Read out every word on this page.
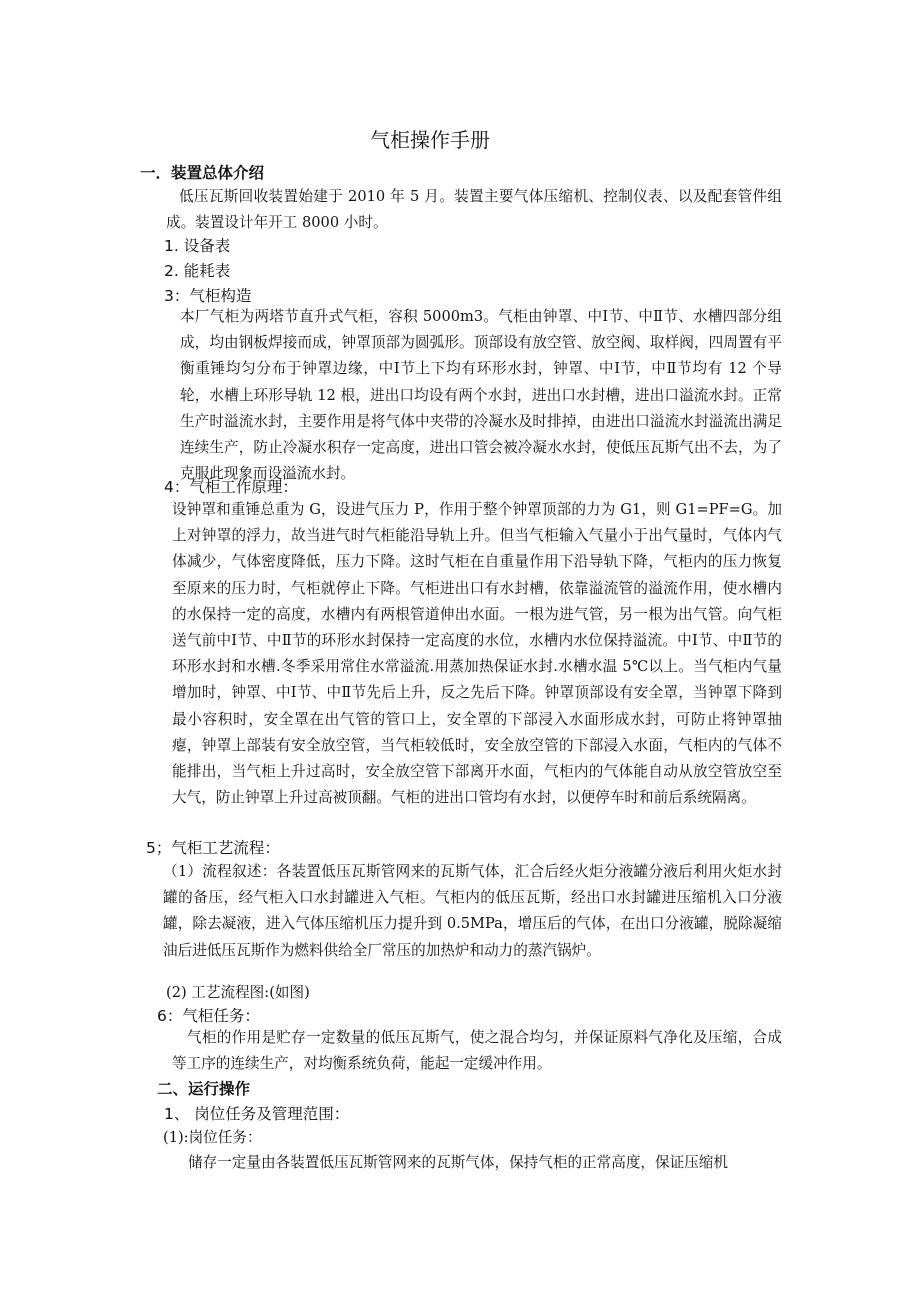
气柜操作手册
一．装置总体介绍
低压瓦斯回收装置始建于 2010 年 5 月。装置主要气体压缩机、控制仪表、以及配套管件组成。装置设计年开工 8000 小时。
1. 设备表
2. 能耗表
3：气柜构造
本厂气柜为两塔节直升式气柜，容积 5000m3。气柜由钟罩、中Ⅰ节、中Ⅱ节、水槽四部分组成，均由钢板焊接而成，钟罩顶部为圆弧形。顶部设有放空管、放空阀、取样阀，四周置有平衡重锤均匀分布于钟罩边缘，中Ⅰ节上下均有环形水封，钟罩、中Ⅰ节，中Ⅱ节均有 12 个导轮，水槽上环形导轨 12 根，进出口均设有两个水封，进出口水封槽，进出口溢流水封。正常生产时溢流水封，主要作用是将气体中夹带的冷凝水及时排掉，由进出口溢流水封溢流出满足连续生产，防止冷凝水积存一定高度，进出口管会被冷凝水水封，使低压瓦斯气出不去，为了克服此现象而设溢流水封。
4：气柜工作原理：
设钟罩和重锤总重为 G，设进气压力 P，作用于整个钟罩顶部的力为 G1，则 G1=PF=G。加上对钟罩的浮力，故当进气时气柜能沿导轨上升。但当气柜输入气量小于出气量时，气体内气体减少，气体密度降低，压力下降。这时气柜在自重量作用下沿导轨下降，气柜内的压力恢复至原来的压力时，气柜就停止下降。气柜进出口有水封槽，依靠溢流管的溢流作用，使水槽内的水保持一定的高度，水槽内有两根管道伸出水面。一根为进气管，另一根为出气管。向气柜送气前中Ⅰ节、中Ⅱ节的环形水封保持一定高度的水位，水槽内水位保持溢流。中Ⅰ节、中Ⅱ节的环形水封和水槽.冬季采用常住水常溢流.用蒸加热保证水封.水槽水温 5℃以上。当气柜内气量增加时，钟罩、中Ⅰ节、中Ⅱ节先后上升，反之先后下降。钟罩顶部设有安全罩，当钟罩下降到最小容积时，安全罩在出气管的管口上，安全罩的下部浸入水面形成水封，可防止将钟罩抽瘪，钟罩上部装有安全放空管，当气柜较低时，安全放空管的下部浸入水面，气柜内的气体不能排出，当气柜上升过高时，安全放空管下部离开水面，气柜内的气体能自动从放空管放空至大气，防止钟罩上升过高被顶翻。气柜的进出口管均有水封，以便停车时和前后系统隔离。
5；气柜工艺流程：
（1）流程叙述：各装置低压瓦斯管网来的瓦斯气体，汇合后经火炬分液罐分液后利用火炬水封罐的备压，经气柜入口水封罐进入气柜。气柜内的低压瓦斯，经出口水封罐进压缩机入口分液罐，除去凝液，进入气体压缩机压力提升到 0.5MPa，增压后的气体，在出口分液罐，脱除凝缩油后进低压瓦斯作为燃料供给全厂常压的加热炉和动力的蒸汽锅炉。
(2) 工艺流程图:(如图)
6：气柜任务：
气柜的作用是贮存一定数量的低压瓦斯气，使之混合均匀，并保证原料气净化及压缩，合成等工序的连续生产，对均衡系统负荷，能起一定缓冲作用。
二、运行操作
1、 岗位任务及管理范围：
(1):岗位任务：
储存一定量由各装置低压瓦斯管网来的瓦斯气体，保持气柜的正常高度，保证压缩机
